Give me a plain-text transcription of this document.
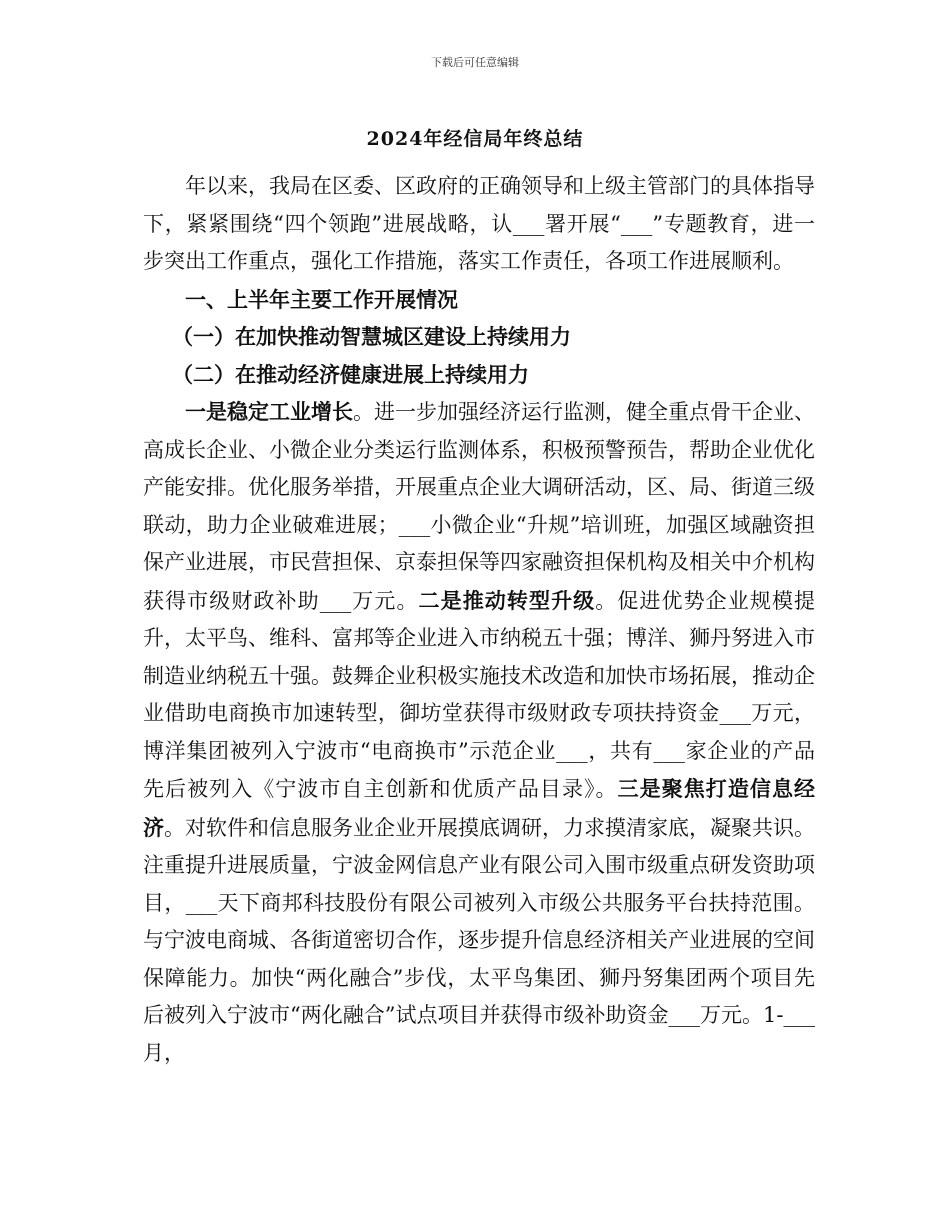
下载后可任意编辑
2024年经信局年终总结

年以来，我局在区委、区政府的正确领导和上级主管部门的具体指导下，紧紧围绕“四个领跑”进展战略，认___署开展“___”专题教育，进一步突出工作重点，强化工作措施，落实工作责任，各项工作进展顺利。

一、上半年主要工作开展情况

（一）在加快推动智慧城区建设上持续用力

（二）在推动经济健康进展上持续用力

一是稳定工业增长。进一步加强经济运行监测，健全重点骨干企业、高成长企业、小微企业分类运行监测体系，积极预警预告，帮助企业优化产能安排。优化服务举措，开展重点企业大调研活动，区、局、街道三级联动，助力企业破难进展；___小微企业“升规”培训班，加强区域融资担保产业进展，市民营担保、京泰担保等四家融资担保机构及相关中介机构获得市级财政补助___万元。二是推动转型升级。促进优势企业规模提升，太平鸟、维科、富邦等企业进入市纳税五十强；博洋、狮丹努进入市制造业纳税五十强。鼓舞企业积极实施技术改造和加快市场拓展，推动企业借助电商换市加速转型，御坊堂获得市级财政专项扶持资金___万元，博洋集团被列入宁波市“电商换市”示范企业___，共有___家企业的产品先后被列入《宁波市自主创新和优质产品目录》。三是聚焦打造信息经济。对软件和信息服务业企业开展摸底调研，力求摸清家底，凝聚共识。注重提升进展质量，宁波金网信息产业有限公司入围市级重点研发资助项目，___天下商邦科技股份有限公司被列入市级公共服务平台扶持范围。与宁波电商城、各街道密切合作，逐步提升信息经济相关产业进展的空间保障能力。加快“两化融合”步伐，太平鸟集团、狮丹努集团两个项目先后被列入宁波市“两化融合”试点项目并获得市级补助资金___万元。1-___月，
